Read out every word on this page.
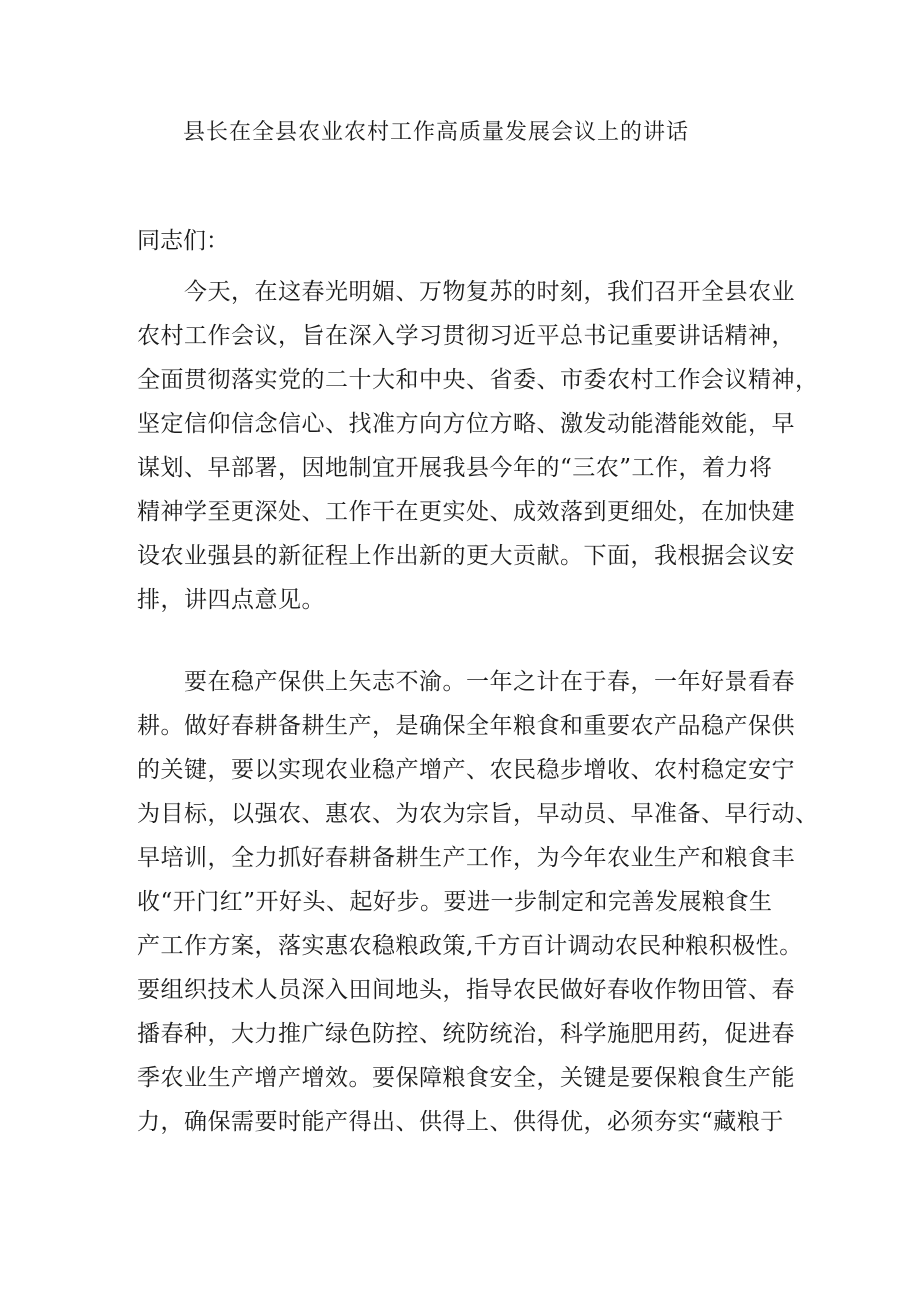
县长在全县农业农村工作高质量发展会议上的讲话

同志们：

今天，在这春光明媚、万物复苏的时刻，我们召开全县农业
农村工作会议，旨在深入学习贯彻习近平总书记重要讲话精神，
全面贯彻落实党的二十大和中央、省委、市委农村工作会议精神，
坚定信仰信念信心、找准方向方位方略、激发动能潜能效能，早
谋划、早部署，因地制宜开展我县今年的“三农”工作，着力将
精神学至更深处、工作干在更实处、成效落到更细处，在加快建
设农业强县的新征程上作出新的更大贡献。下面，我根据会议安
排，讲四点意见。
要在稳产保供上矢志不渝。一年之计在于春，一年好景看春
耕。做好春耕备耕生产，是确保全年粮食和重要农产品稳产保供
的关键，要以实现农业稳产增产、农民稳步增收、农村稳定安宁
为目标，以强农、惠农、为农为宗旨，早动员、早准备、早行动、
早培训，全力抓好春耕备耕生产工作，为今年农业生产和粮食丰
收“开门红”开好头、起好步。要进一步制定和完善发展粮食生
产工作方案，落实惠农稳粮政策,千方百计调动农民种粮积极性。
要组织技术人员深入田间地头，指导农民做好春收作物田管、春
播春种，大力推广绿色防控、统防统治，科学施肥用药，促进春
季农业生产增产增效。要保障粮食安全，关键是要保粮食生产能
力，确保需要时能产得出、供得上、供得优，必须夯实“藏粮于
